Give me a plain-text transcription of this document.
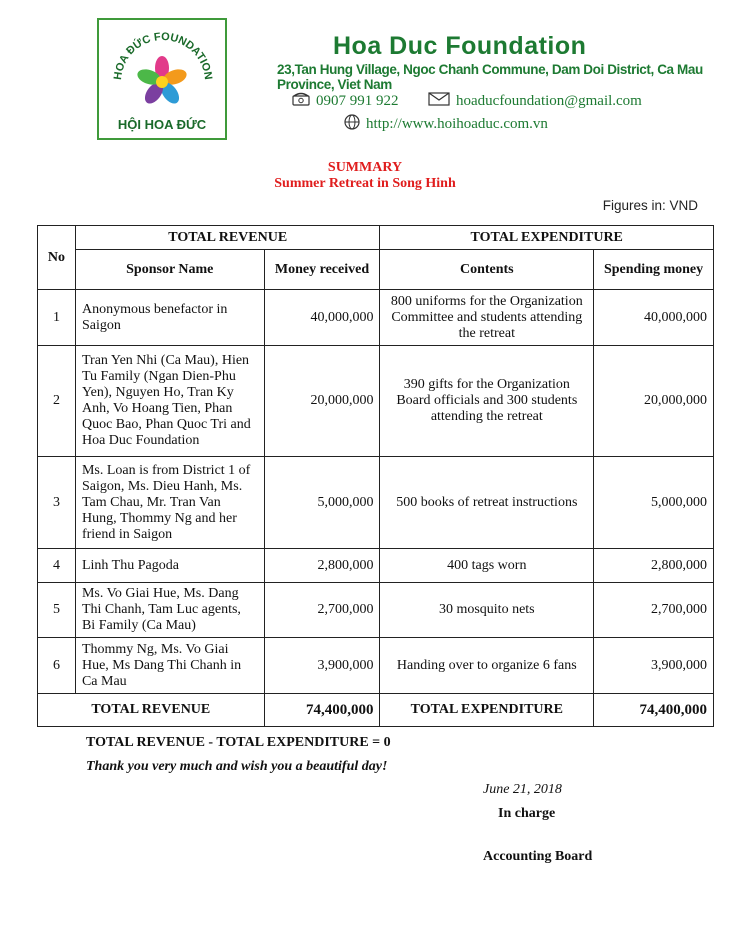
HOA ĐỨC FOUNDATION
HỘI HOA ĐỨC
Hoa Duc Foundation
23,Tan Hung Village, Ngoc Chanh Commune, Dam Doi District, Ca Mau Province, Viet Nam
0907 991 922	hoaducfoundation@gmail.com
http://www.hoihoaduc.com.vn
SUMMARY
Summer Retreat in Song Hinh
Figures in: VND
No	TOTAL REVENUE		TOTAL EXPENDITURE	
	Sponsor Name	Money received	Contents	Spending money
1	Anonymous benefactor in Saigon	40,000,000	800 uniforms for the Organization Committee and students attending the retreat	40,000,000
2	Tran Yen Nhi (Ca Mau), Hien Tu Family (Ngan Dien-Phu Yen), Nguyen Ho, Tran Ky Anh, Vo Hoang Tien, Phan Quoc Bao, Phan Quoc Tri and Hoa Duc Foundation	20,000,000	390 gifts for the Organization Board officials and 300 students attending the retreat	20,000,000
3	Ms. Loan is from District 1 of Saigon, Ms. Dieu Hanh, Ms. Tam Chau, Mr. Tran Van Hung, Thommy Ng and her friend in Saigon	5,000,000	500 books of retreat instructions	5,000,000
4	Linh Thu Pagoda	2,800,000	400 tags worn	2,800,000
5	Ms. Vo Giai Hue, Ms. Dang Thi Chanh, Tam Luc agents, Bi Family (Ca Mau)	2,700,000	30 mosquito nets	2,700,000
6	Thommy Ng, Ms. Vo Giai Hue, Ms Dang Thi Chanh in Ca Mau	3,900,000	Handing over to organize 6 fans	3,900,000
TOTAL REVENUE		74,400,000	TOTAL EXPENDITURE	74,400,000
TOTAL REVENUE - TOTAL EXPENDITURE = 0
Thank you very much and wish you a beautiful day!
June 21, 2018
In charge
Accounting Board
